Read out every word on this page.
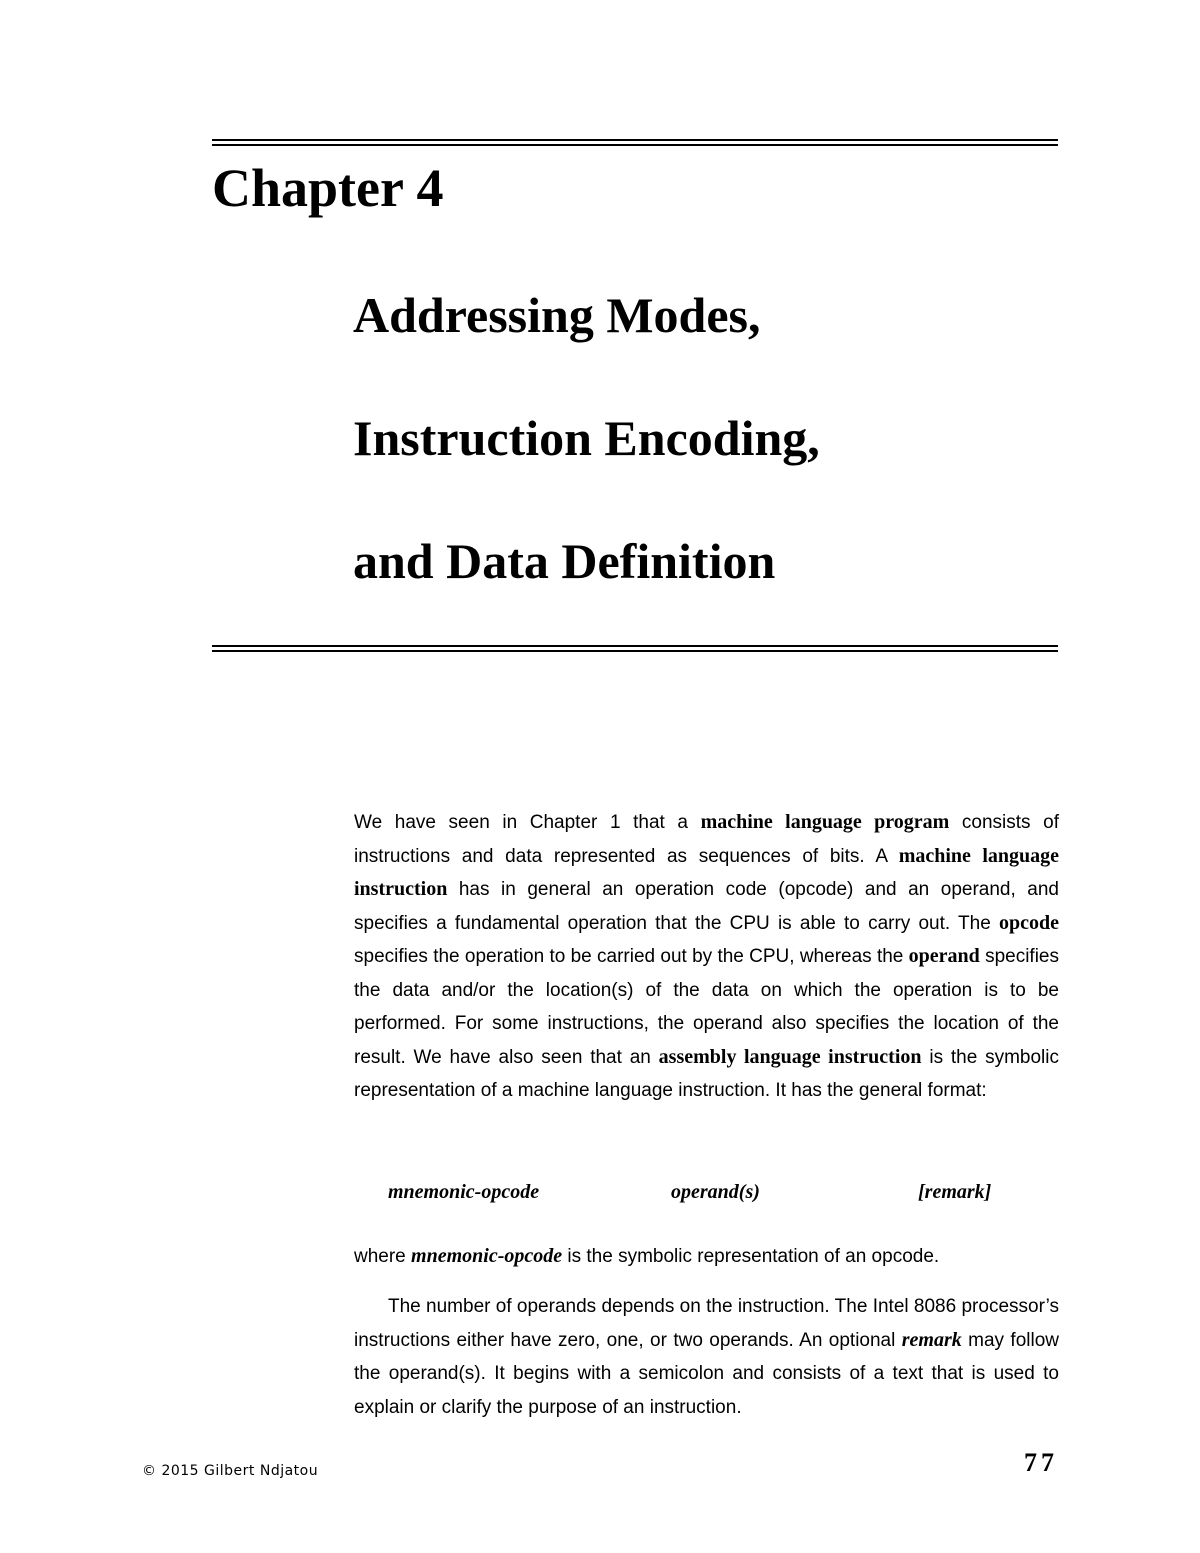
Chapter 4
Addressing Modes,
Instruction Encoding,
and Data Definition

We have seen in Chapter 1 that a machine language program consists of instructions and data represented as sequences of bits. A machine language instruction has in general an operation code (opcode) and an operand, and specifies a fundamental operation that the CPU is able to carry out. The opcode specifies the operation to be carried out by the CPU, whereas the operand specifies the data and/or the location(s) of the data on which the operation is to be performed. For some instructions, the operand also specifies the location of the result. We have also seen that an assembly language instruction is the symbolic representation of a machine language instruction. It has the general format:

mnemonic-opcode	operand(s)	[remark]

where mnemonic-opcode is the symbolic representation of an opcode.

The number of operands depends on the instruction. The Intel 8086 processor’s instructions either have zero, one, or two operands. An optional remark may follow the operand(s). It begins with a semicolon and consists of a text that is used to explain or clarify the purpose of an instruction.

© 2015 Gilbert Ndjatou	77
